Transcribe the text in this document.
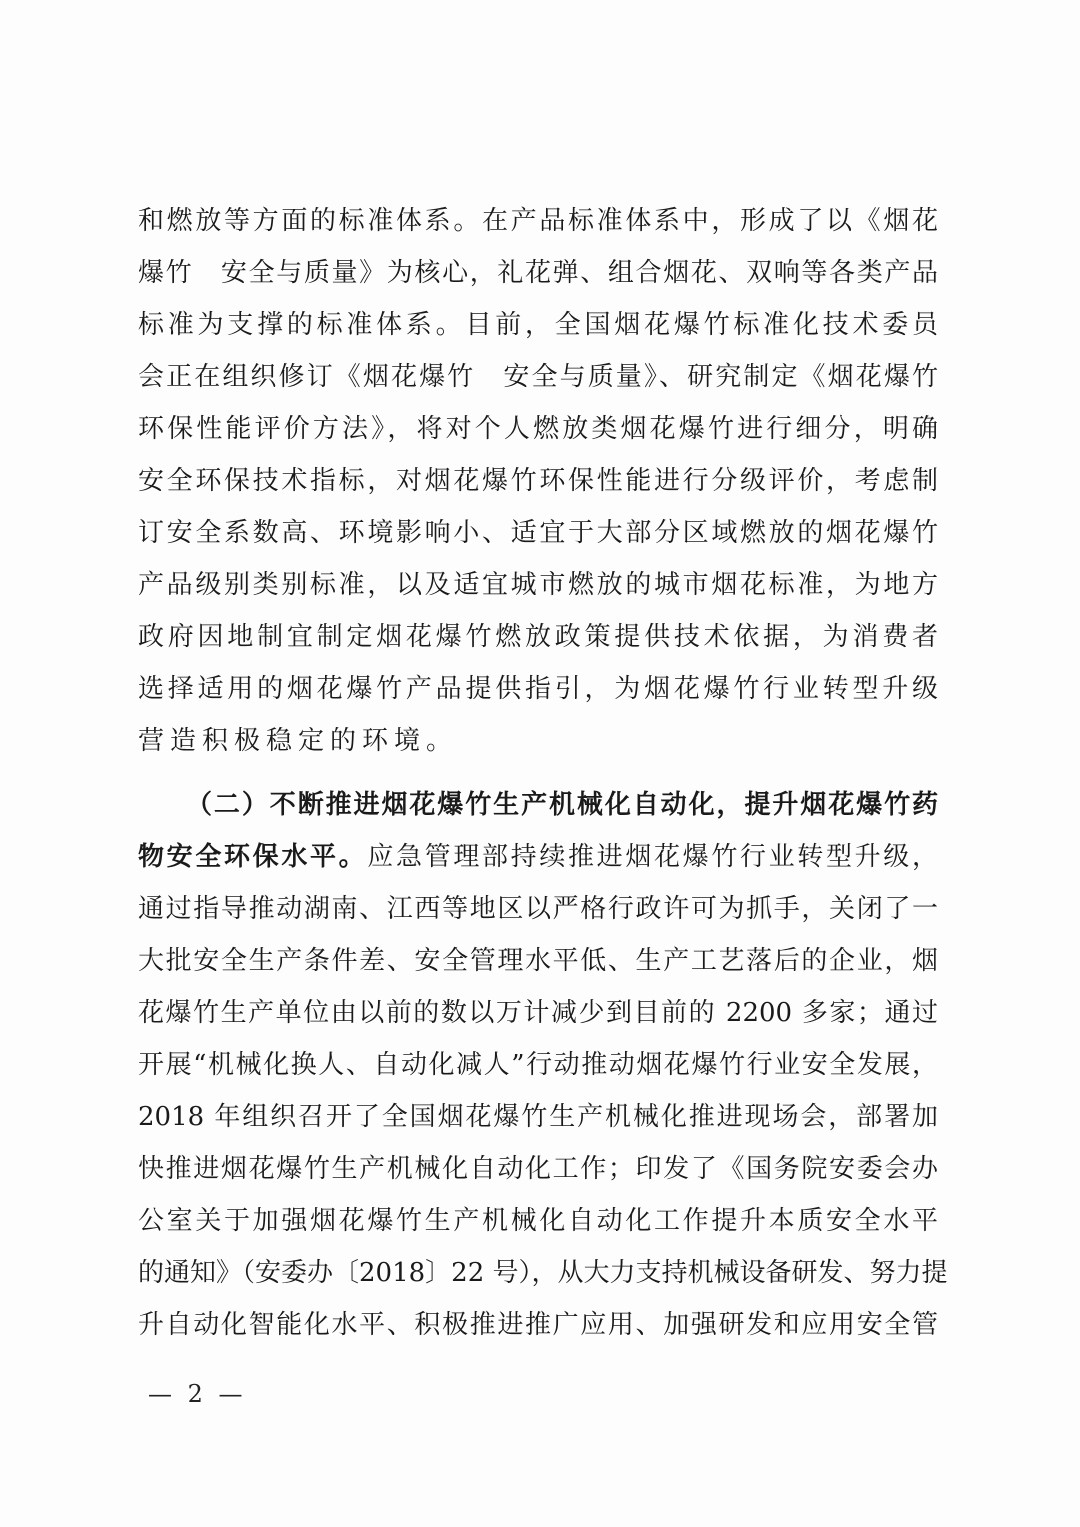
和燃放等方面的标准体系。在产品标准体系中，形成了以《烟花
爆竹　安全与质量》为核心，礼花弹、组合烟花、双响等各类产品
标准为支撑的标准体系。目前，全国烟花爆竹标准化技术委员
会正在组织修订《烟花爆竹　安全与质量》、研究制定《烟花爆竹
环保性能评价方法》，将对个人燃放类烟花爆竹进行细分，明确
安全环保技术指标，对烟花爆竹环保性能进行分级评价，考虑制
订安全系数高、环境影响小、适宜于大部分区域燃放的烟花爆竹
产品级别类别标准，以及适宜城市燃放的城市烟花标准，为地方
政府因地制宜制定烟花爆竹燃放政策提供技术依据，为消费者
选择适用的烟花爆竹产品提供指引，为烟花爆竹行业转型升级
营造积极稳定的环境。
（二）不断推进烟花爆竹生产机械化自动化，提升烟花爆竹药
物安全环保水平。应急管理部持续推进烟花爆竹行业转型升级，
通过指导推动湖南、江西等地区以严格行政许可为抓手，关闭了一
大批安全生产条件差、安全管理水平低、生产工艺落后的企业，烟
花爆竹生产单位由以前的数以万计减少到目前的 2200 多家；通过
开展“机械化换人、自动化减人”行动推动烟花爆竹行业安全发展，
2018 年组织召开了全国烟花爆竹生产机械化推进现场会，部署加
快推进烟花爆竹生产机械化自动化工作；印发了《国务院安委会办
公室关于加强烟花爆竹生产机械化自动化工作提升本质安全水平
的通知》（安委办〔2018〕22 号），从大力支持机械设备研发、努力提
升自动化智能化水平、积极推进推广应用、加强研发和应用安全管
— 2 —
